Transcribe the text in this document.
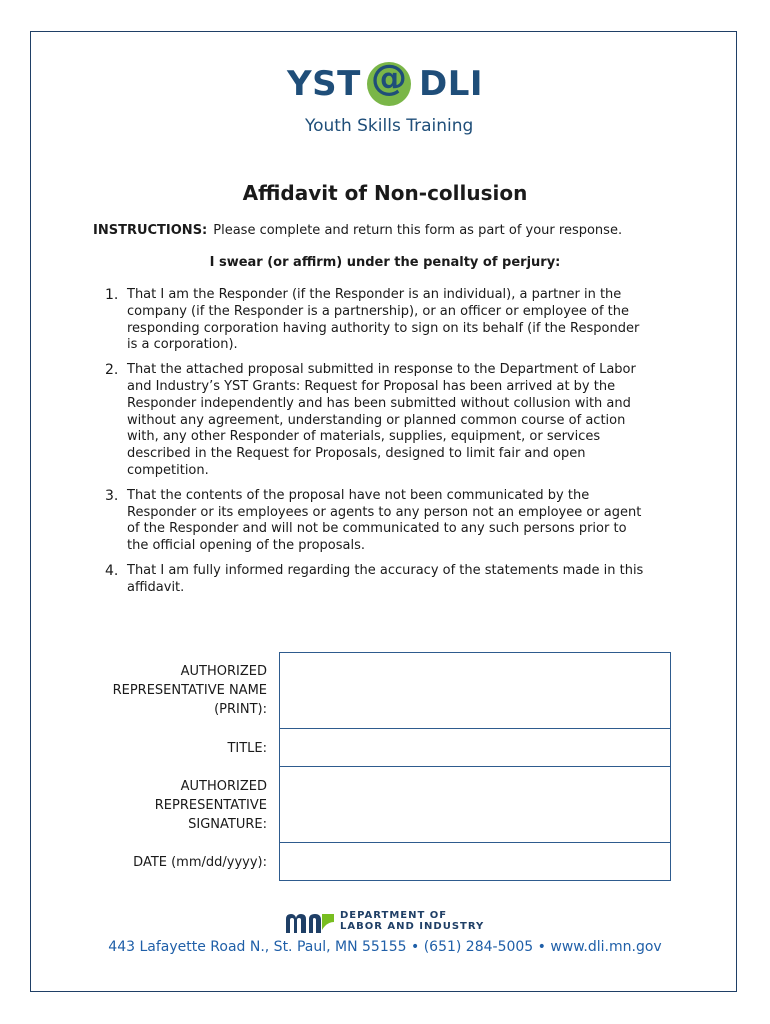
YST @ DLI
Youth Skills Training
Affidavit of Non-collusion
INSTRUCTIONS: Please complete and return this form as part of your response.
I swear (or affirm) under the penalty of perjury:
1. That I am the Responder (if the Responder is an individual), a partner in the
company (if the Responder is a partnership), or an officer or employee of the
responding corporation having authority to sign on its behalf (if the Responder
is a corporation).
2. That the attached proposal submitted in response to the Department of Labor
and Industry’s YST Grants: Request for Proposal has been arrived at by the
Responder independently and has been submitted without collusion with and
without any agreement, understanding or planned common course of action
with, any other Responder of materials, supplies, equipment, or services
described in the Request for Proposals, designed to limit fair and open
competition.
3. That the contents of the proposal have not been communicated by the
Responder or its employees or agents to any person not an employee or agent
of the Responder and will not be communicated to any such persons prior to
the official opening of the proposals.
4. That I am fully informed regarding the accuracy of the statements made in this
affidavit.
AUTHORIZED
REPRESENTATIVE NAME
(PRINT):
TITLE:
AUTHORIZED
REPRESENTATIVE
SIGNATURE:
DATE (mm/dd/yyyy):
DEPARTMENT OF
LABOR AND INDUSTRY
443 Lafayette Road N., St. Paul, MN 55155 • (651) 284-5005 • www.dli.mn.gov
